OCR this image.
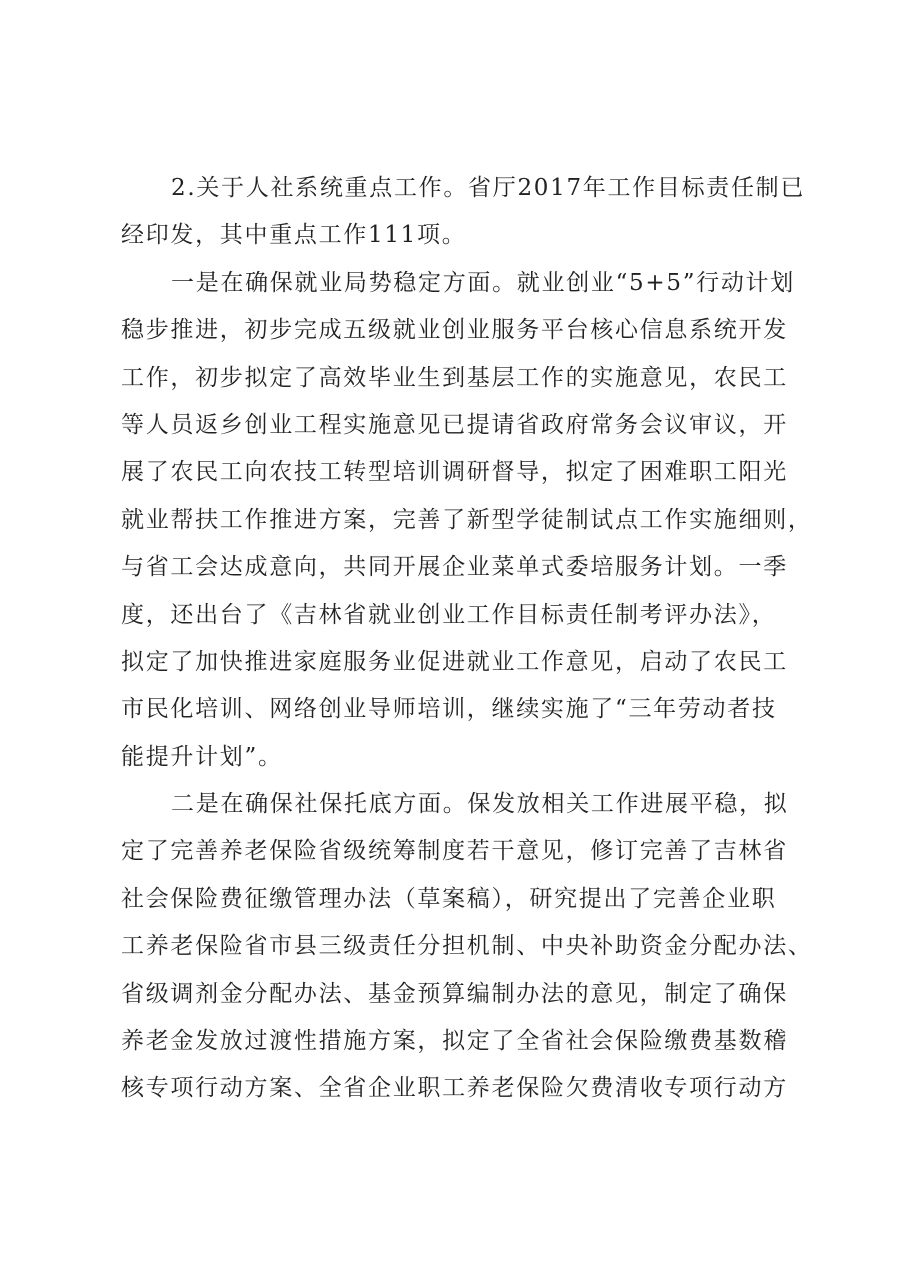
2.关于人社系统重点工作。省厅2017年工作目标责任制已
经印发，其中重点工作111项。
一是在确保就业局势稳定方面。就业创业“5+5”行动计划
稳步推进，初步完成五级就业创业服务平台核心信息系统开发
工作，初步拟定了高效毕业生到基层工作的实施意见，农民工
等人员返乡创业工程实施意见已提请省政府常务会议审议，开
展了农民工向农技工转型培训调研督导，拟定了困难职工阳光
就业帮扶工作推进方案，完善了新型学徒制试点工作实施细则，
与省工会达成意向，共同开展企业菜单式委培服务计划。一季
度，还出台了《吉林省就业创业工作目标责任制考评办法》，
拟定了加快推进家庭服务业促进就业工作意见，启动了农民工
市民化培训、网络创业导师培训，继续实施了“三年劳动者技
能提升计划”。
二是在确保社保托底方面。保发放相关工作进展平稳，拟
定了完善养老保险省级统筹制度若干意见，修订完善了吉林省
社会保险费征缴管理办法（草案稿），研究提出了完善企业职
工养老保险省市县三级责任分担机制、中央补助资金分配办法、
省级调剂金分配办法、基金预算编制办法的意见，制定了确保
养老金发放过渡性措施方案，拟定了全省社会保险缴费基数稽
核专项行动方案、全省企业职工养老保险欠费清收专项行动方
